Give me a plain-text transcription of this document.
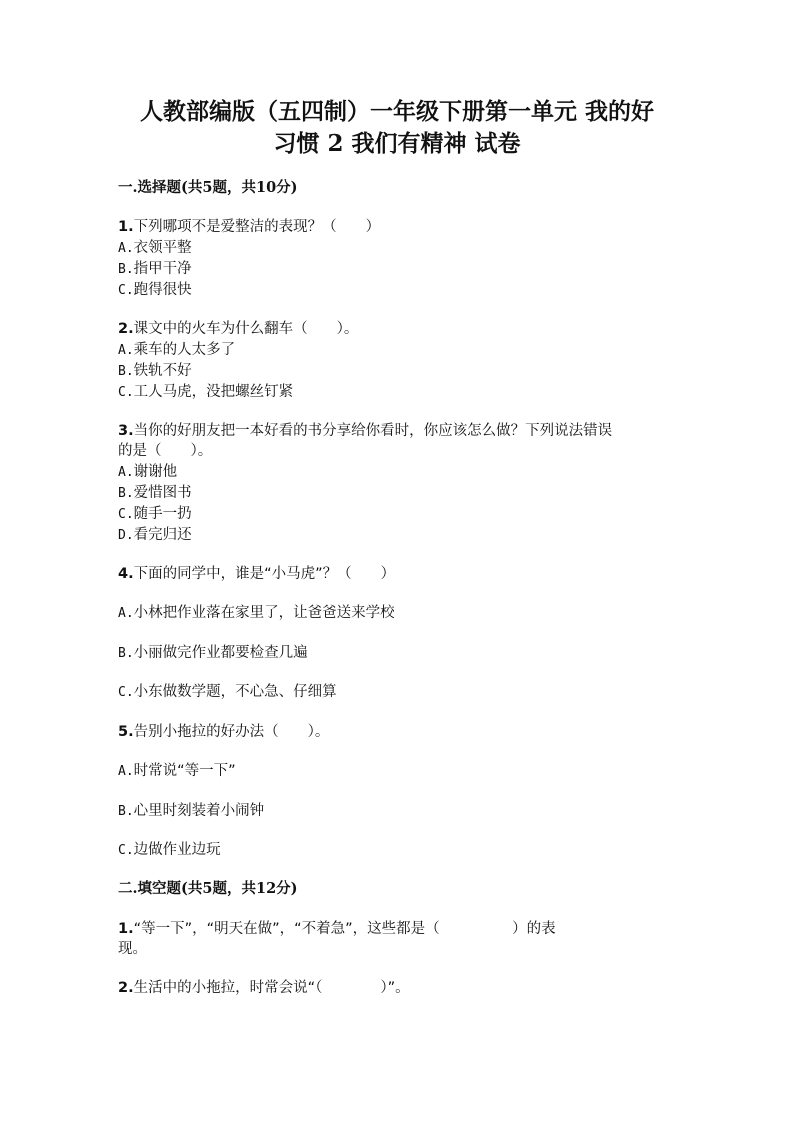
人教部编版（五四制）一年级下册第一单元 我的好
习惯 2 我们有精神 试卷
一.选择题(共5题，共10分)
1.下列哪项不是爱整洁的表现？（　　）
A.衣领平整
B.指甲干净
C.跑得很快
2.课文中的火车为什么翻车（　　）。
A.乘车的人太多了
B.铁轨不好
C.工人马虎，没把螺丝钉紧
3.当你的好朋友把一本好看的书分享给你看时，你应该怎么做？下列说法错误
的是（　　）。
A.谢谢他
B.爱惜图书
C.随手一扔
D.看完归还
4.下面的同学中，谁是“小马虎”？（　　）
A.小林把作业落在家里了，让爸爸送来学校
B.小丽做完作业都要检查几遍
C.小东做数学题，不心急、仔细算
5.告别小拖拉的好办法（　　）。
A.时常说“等一下”
B.心里时刻装着小闹钟
C.边做作业边玩
二.填空题(共5题，共12分)
1.“等一下”，“明天在做”，“不着急”，这些都是（　　　　　）的表
现。
2.生活中的小拖拉，时常会说“（　　　　）”。
